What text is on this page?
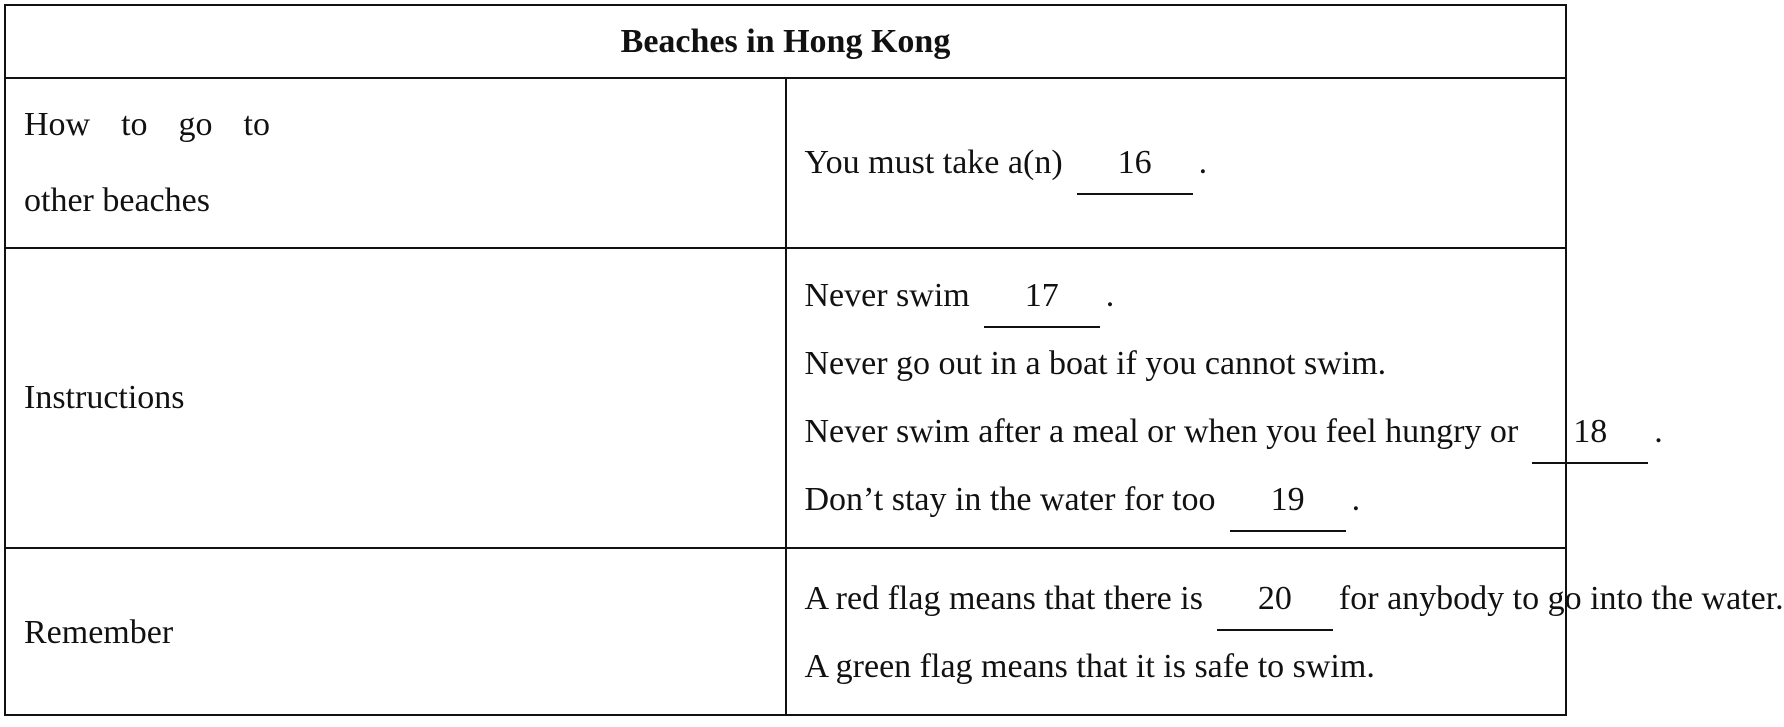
Beaches in Hong Kong	

How to go to
other beaches	You must take a(n) 16 .

Instructions	Never swim 17 .
Never go out in a boat if you cannot swim.
Never swim after a meal or when you feel hungry or 18 .
Don’t stay in the water for too 19 .

Remember	A red flag means that there is 20 for anybody to go into the water.
A green flag means that it is safe to swim.
